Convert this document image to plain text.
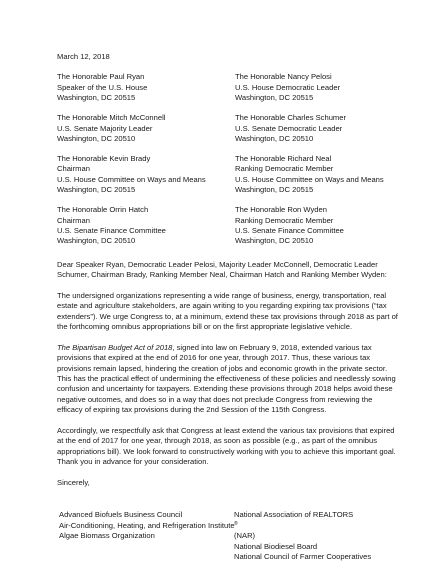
March 12, 2018
The Honorable Paul Ryan
Speaker of the U.S. House
Washington, DC 20515
The Honorable Nancy Pelosi
U.S. House Democratic Leader
Washington, DC 20515
The Honorable Mitch McConnell
U.S. Senate Majority Leader
Washington, DC 20510
The Honorable Charles Schumer
U.S. Senate Democratic Leader
Washington, DC 20510
The Honorable Kevin Brady
Chairman
U.S. House Committee on Ways and Means
Washington, DC 20515
The Honorable Richard Neal
Ranking Democratic Member
U.S. House Committee on Ways and Means
Washington, DC 20515
The Honorable Orrin Hatch
Chairman
U.S. Senate Finance Committee
Washington, DC 20510
The Honorable Ron Wyden
Ranking Democratic Member
U.S. Senate Finance Committee
Washington, DC 20510

Dear Speaker Ryan, Democratic Leader Pelosi, Majority Leader McConnell, Democratic Leader Schumer, Chairman Brady, Ranking Member Neal, Chairman Hatch and Ranking Member Wyden:

The undersigned organizations representing a wide range of business, energy, transportation, real estate and agriculture stakeholders, are again writing to you regarding expiring tax provisions (“tax extenders”). We urge Congress to, at a minimum, extend these tax provisions through 2018 as part of the forthcoming omnibus appropriations bill or on the first appropriate legislative vehicle.

The Bipartisan Budget Act of 2018, signed into law on February 9, 2018, extended various tax provisions that expired at the end of 2016 for one year, through 2017. Thus, these various tax provisions remain lapsed, hindering the creation of jobs and economic growth in the private sector. This has the practical effect of undermining the effectiveness of these policies and needlessly sowing confusion and uncertainty for taxpayers. Extending these provisions through 2018 helps avoid these negative outcomes, and does so in a way that does not preclude Congress from reviewing the efficacy of expiring tax provisions during the 2nd Session of the 115th Congress.

Accordingly, we respectfully ask that Congress at least extend the various tax provisions that expired at the end of 2017 for one year, through 2018, as soon as possible (e.g., as part of the omnibus appropriations bill). We look forward to constructively working with you to achieve this important goal. Thank you in advance for your consideration.

Sincerely,

Advanced Biofuels Business Council
Air-Conditioning, Heating, and Refrigeration Institute
Algae Biomass Organization
National Association of REALTORS
®
(NAR)
National Biodiesel Board
National Council of Farmer Cooperatives
